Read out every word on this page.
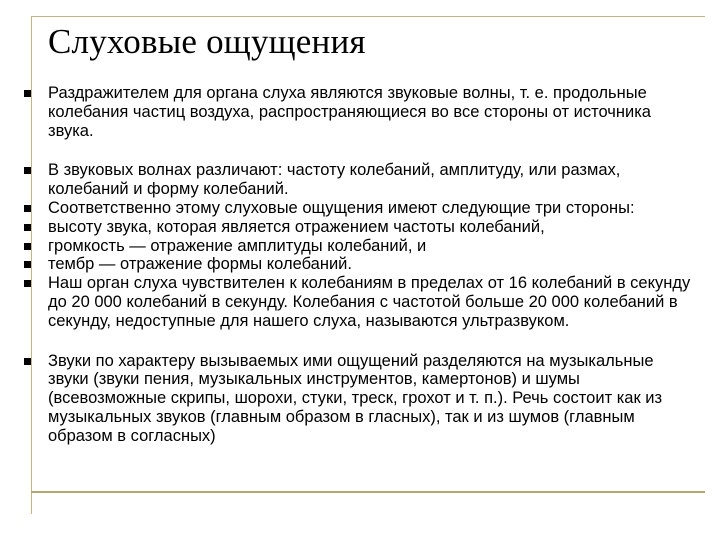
Слуховые ощущения
Раздражителем для органа слуха являются звуковые волны, т. е. продольные колебания частиц воздуха, распространяющиеся во все стороны от источника звука.
В звуковых волнах различают: частоту колебаний, амплитуду, или размах, колебаний и форму колебаний.
Соответственно этому слуховые ощущения имеют следующие три стороны:
высоту звука, которая является отражением частоты колебаний,
громкость — отражение амплитуды колебаний, и
тембр — отражение формы колебаний.
Наш орган слуха чувствителен к колебаниям в пределах от 16 колебаний в секунду до 20 000 колебаний в секунду. Колебания с частотой больше 20 000 колебаний в секунду, недоступные для нашего слуха, называются ультразвуком.
Звуки по характеру вызываемых ими ощущений разделяются на музыкальные звуки (звуки пения, музыкальных инструментов, камертонов) и шумы (всевозможные скрипы, шорохи, стуки, треск, грохот и т. п.). Речь состоит как из музыкальных звуков (главным образом в гласных), так и из шумов (главным образом в согласных)
